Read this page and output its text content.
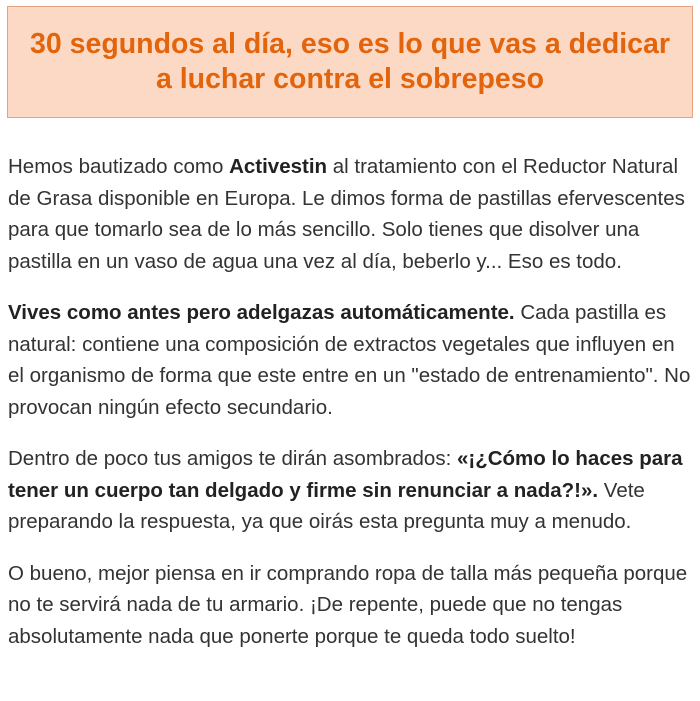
30 segundos al día, eso es lo que vas a dedicar a luchar contra el sobrepeso

Hemos bautizado como Activestin al tratamiento con el Reductor Natural de Grasa disponible en Europa. Le dimos forma de pastillas efervescentes para que tomarlo sea de lo más sencillo. Solo tienes que disolver una pastilla en un vaso de agua una vez al día, beberlo y... Eso es todo.

Vives como antes pero adelgazas automáticamente. Cada pastilla es natural: contiene una composición de extractos vegetales que influyen en el organismo de forma que este entre en un "estado de entrenamiento". No provocan ningún efecto secundario.

Dentro de poco tus amigos te dirán asombrados: «¡¿Cómo lo haces para tener un cuerpo tan delgado y firme sin renunciar a nada?!». Vete preparando la respuesta, ya que oirás esta pregunta muy a menudo.

O bueno, mejor piensa en ir comprando ropa de talla más pequeña porque no te servirá nada de tu armario. ¡De repente, puede que no tengas absolutamente nada que ponerte porque te queda todo suelto!
